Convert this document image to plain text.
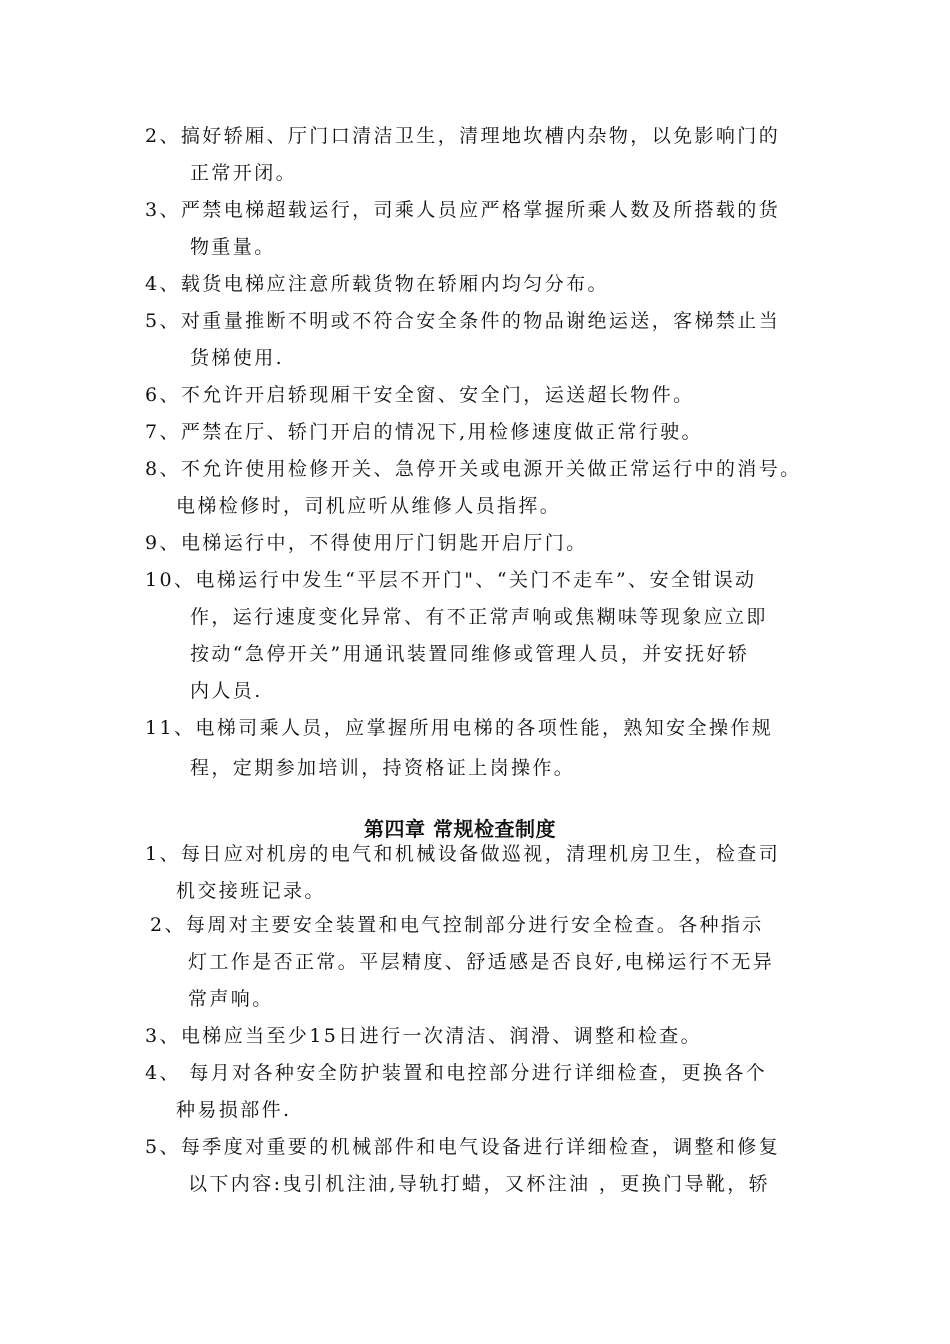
2、搞好轿厢、厅门口清洁卫生，清理地坎槽内杂物，以免影响门的
正常开闭。
3、严禁电梯超载运行，司乘人员应严格掌握所乘人数及所搭载的货
物重量。
4、载货电梯应注意所载货物在轿厢内均匀分布。
5、对重量推断不明或不符合安全条件的物品谢绝运送，客梯禁止当
货梯使用.
6、不允许开启轿现厢干安全窗、安全门，运送超长物件。
7、严禁在厅、轿门开启的情况下,用检修速度做正常行驶。
8、不允许使用检修开关、急停开关或电源开关做正常运行中的消号。
电梯检修时，司机应听从维修人员指挥。
9、电梯运行中，不得使用厅门钥匙开启厅门。
10、电梯运行中发生“平层不开门"、“关门不走车”、安全钳误动
作，运行速度变化异常、有不正常声响或焦糊味等现象应立即
按动“急停开关”用通讯装置同维修或管理人员，并安抚好轿
内人员.
11、电梯司乘人员，应掌握所用电梯的各项性能，熟知安全操作规
程，定期参加培训，持资格证上岗操作。
第四章 常规检查制度
1、每日应对机房的电气和机械设备做巡视，清理机房卫生，检查司
机交接班记录。
2、每周对主要安全装置和电气控制部分进行安全检查。各种指示
灯工作是否正常。平层精度、舒适感是否良好,电梯运行不无异
常声响。
3、电梯应当至少15日进行一次清洁、润滑、调整和检查。
4、 每月对各种安全防护装置和电控部分进行详细检查，更换各个
种易损部件.
5、每季度对重要的机械部件和电气设备进行详细检查，调整和修复
以下内容:曳引机注油,导轨打蜡，又杯注油 ，更换门导靴，轿
